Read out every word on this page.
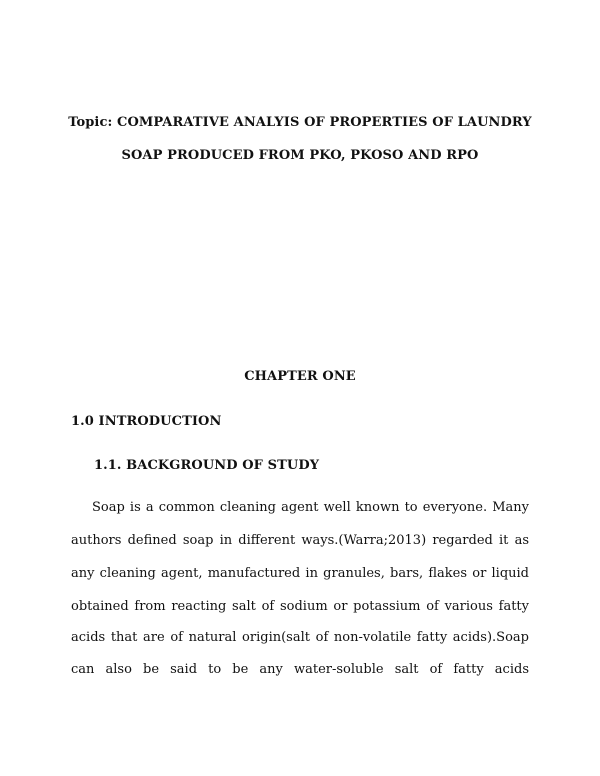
Topic: COMPARATIVE ANALYIS OF PROPERTIES OF LAUNDRY
SOAP PRODUCED FROM PKO, PKOSO AND RPO
CHAPTER ONE
1.0 INTRODUCTION
1.1. BACKGROUND OF STUDY
Soap is a common cleaning agent well known to everyone. Many
authors defined soap in different ways.(Warra;2013) regarded it as
any cleaning agent, manufactured in granules, bars, flakes or liquid
obtained from reacting salt of sodium or potassium of various fatty
acids that are of natural origin(salt of non-volatile fatty acids).Soap
can also be said to be any water-soluble salt of fatty acids
